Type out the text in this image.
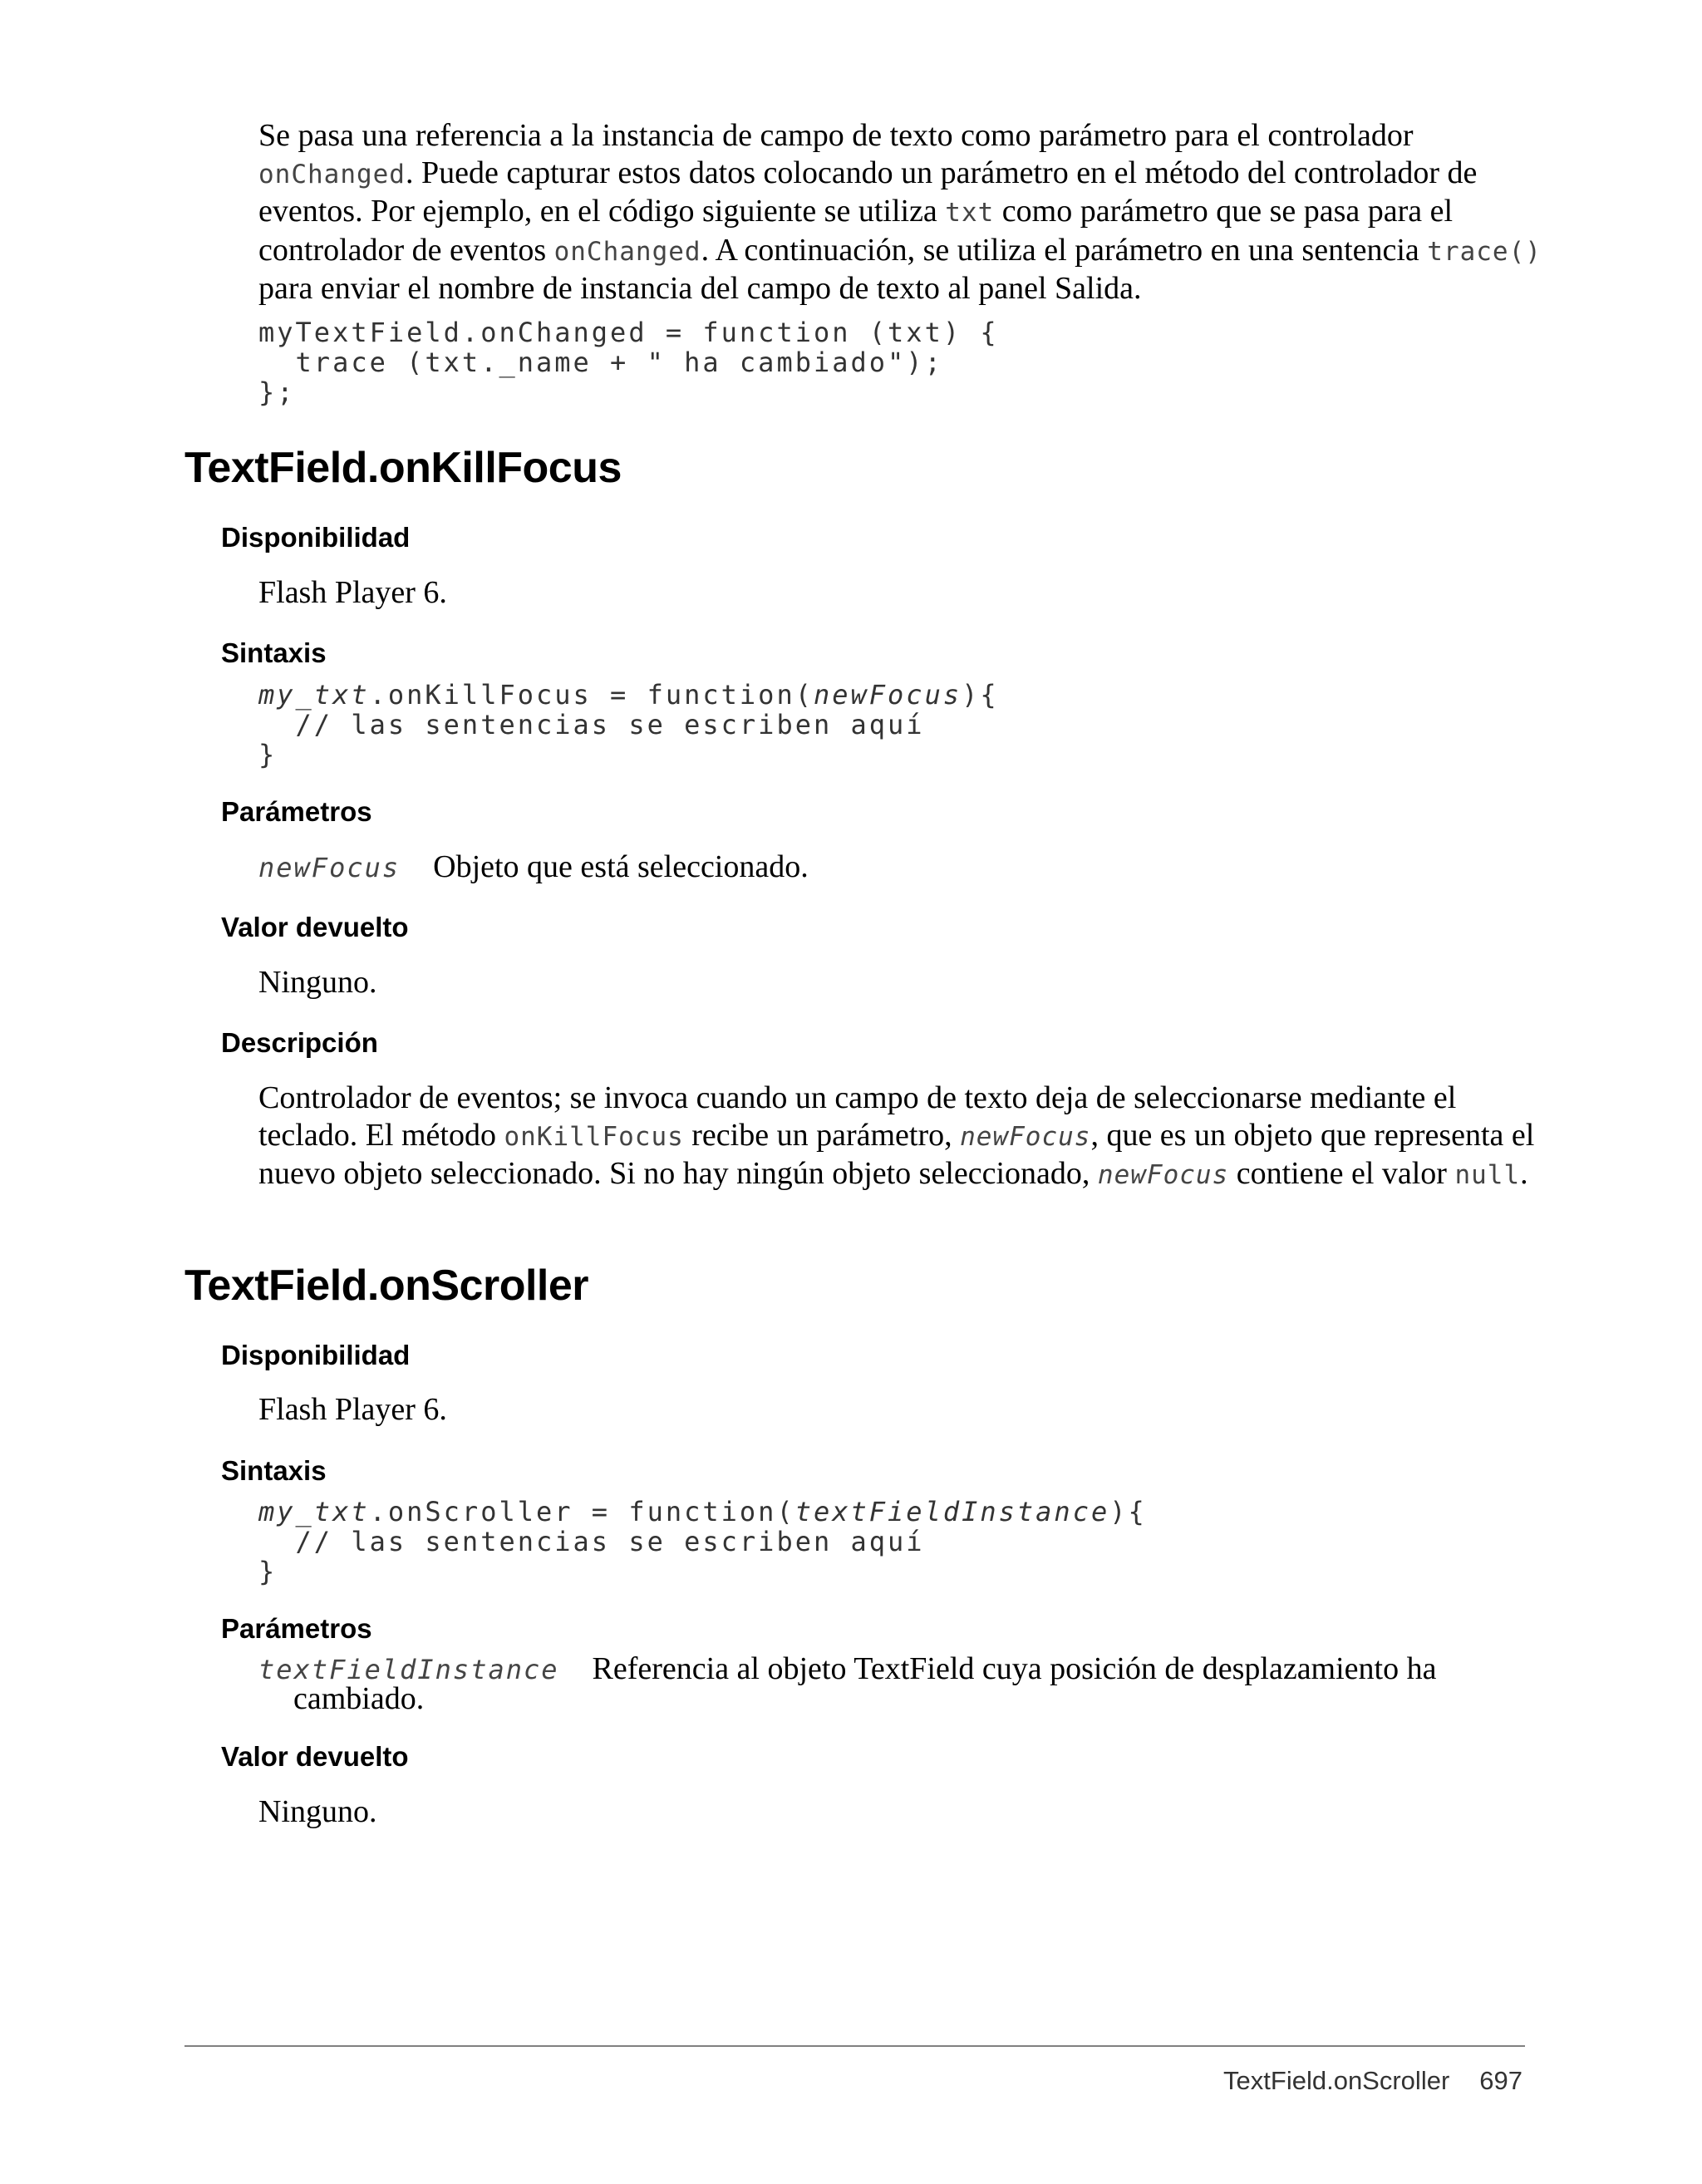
Se pasa una referencia a la instancia de campo de texto como parámetro para el controlador onChanged. Puede capturar estos datos colocando un parámetro en el método del controlador de eventos. Por ejemplo, en el código siguiente se utiliza txt como parámetro que se pasa para el controlador de eventos onChanged. A continuación, se utiliza el parámetro en una sentencia trace() para enviar el nombre de instancia del campo de texto al panel Salida.

myTextField.onChanged = function (txt) {
trace (txt._name + " ha cambiado");
};
TextField.onKillFocus
Disponibilidad

Flash Player 6.

Sintaxis
my_txt.onKillFocus = function(newFocus){
// las sentencias se escriben aquí
}
Parámetros

newFocus Objeto que está seleccionado.

Valor devuelto

Ninguno.

Descripción

Controlador de eventos; se invoca cuando un campo de texto deja de seleccionarse mediante el teclado. El método onKillFocus recibe un parámetro, newFocus, que es un objeto que representa el nuevo objeto seleccionado. Si no hay ningún objeto seleccionado, newFocus contiene el valor null.

TextField.onScroller
Disponibilidad

Flash Player 6.

Sintaxis
my_txt.onScroller = function(textFieldInstance){
// las sentencias se escriben aquí
}
Parámetros

textFieldInstance Referencia al objeto TextField cuya posición de desplazamiento ha

cambiado.

Valor devuelto

Ninguno.

TextField.onScroller 697
